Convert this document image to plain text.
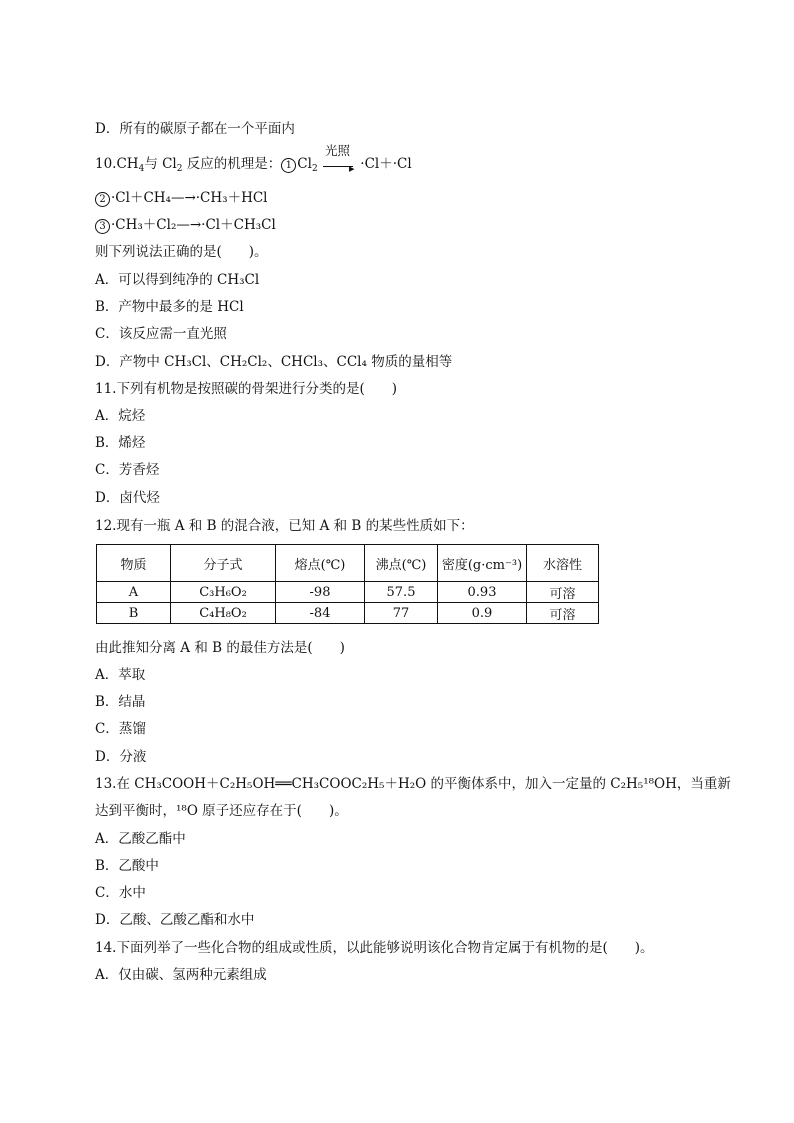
D．所有的碳原子都在一个平面内
$10.CH_4$与 $Cl_2$ 反应的机理是： 1 $Cl_2$
光照
▸ ·Cl＋·Cl
2 ·Cl＋CH₄—→·CH₃＋HCl
3 ·CH₃＋Cl₂—→·Cl＋CH₃Cl
则下列说法正确的是(　　)。
A．可以得到纯净的 CH₃Cl
B．产物中最多的是 HCl
C．该反应需一直光照
D．产物中 CH₃Cl、CH₂Cl₂、CHCl₃、CCl₄ 物质的量相等
11.下列有机物是按照碳的骨架进行分类的是(　　)
A．烷烃
B．烯烃
C．芳香烃
D．卤代烃
12.现有一瓶 A 和 B 的混合液，已知 A 和 B 的某些性质如下：
物质	分子式	熔点(℃)	沸点(℃)	密度(g·cm⁻³)	水溶性
A	C₃H₆O₂	-98	57.5	0.93	可溶
B	C₄H₈O₂	-84	77	0.9	可溶
由此推知分离 A 和 B 的最佳方法是(　　)
A．萃取
B．结晶
C．蒸馏
D．分液
13.在 CH₃COOH＋C₂H₅OH══CH₃COOC₂H₅＋H₂O 的平衡体系中，加入一定量的 C₂H₅¹⁸OH，当重新
达到平衡时，¹⁸O 原子还应存在于(　　)。
A．乙酸乙酯中
B．乙酸中
C．水中
D．乙酸、乙酸乙酯和水中
14.下面列举了一些化合物的组成或性质，以此能够说明该化合物肯定属于有机物的是(　　)。
A．仅由碳、氢两种元素组成
